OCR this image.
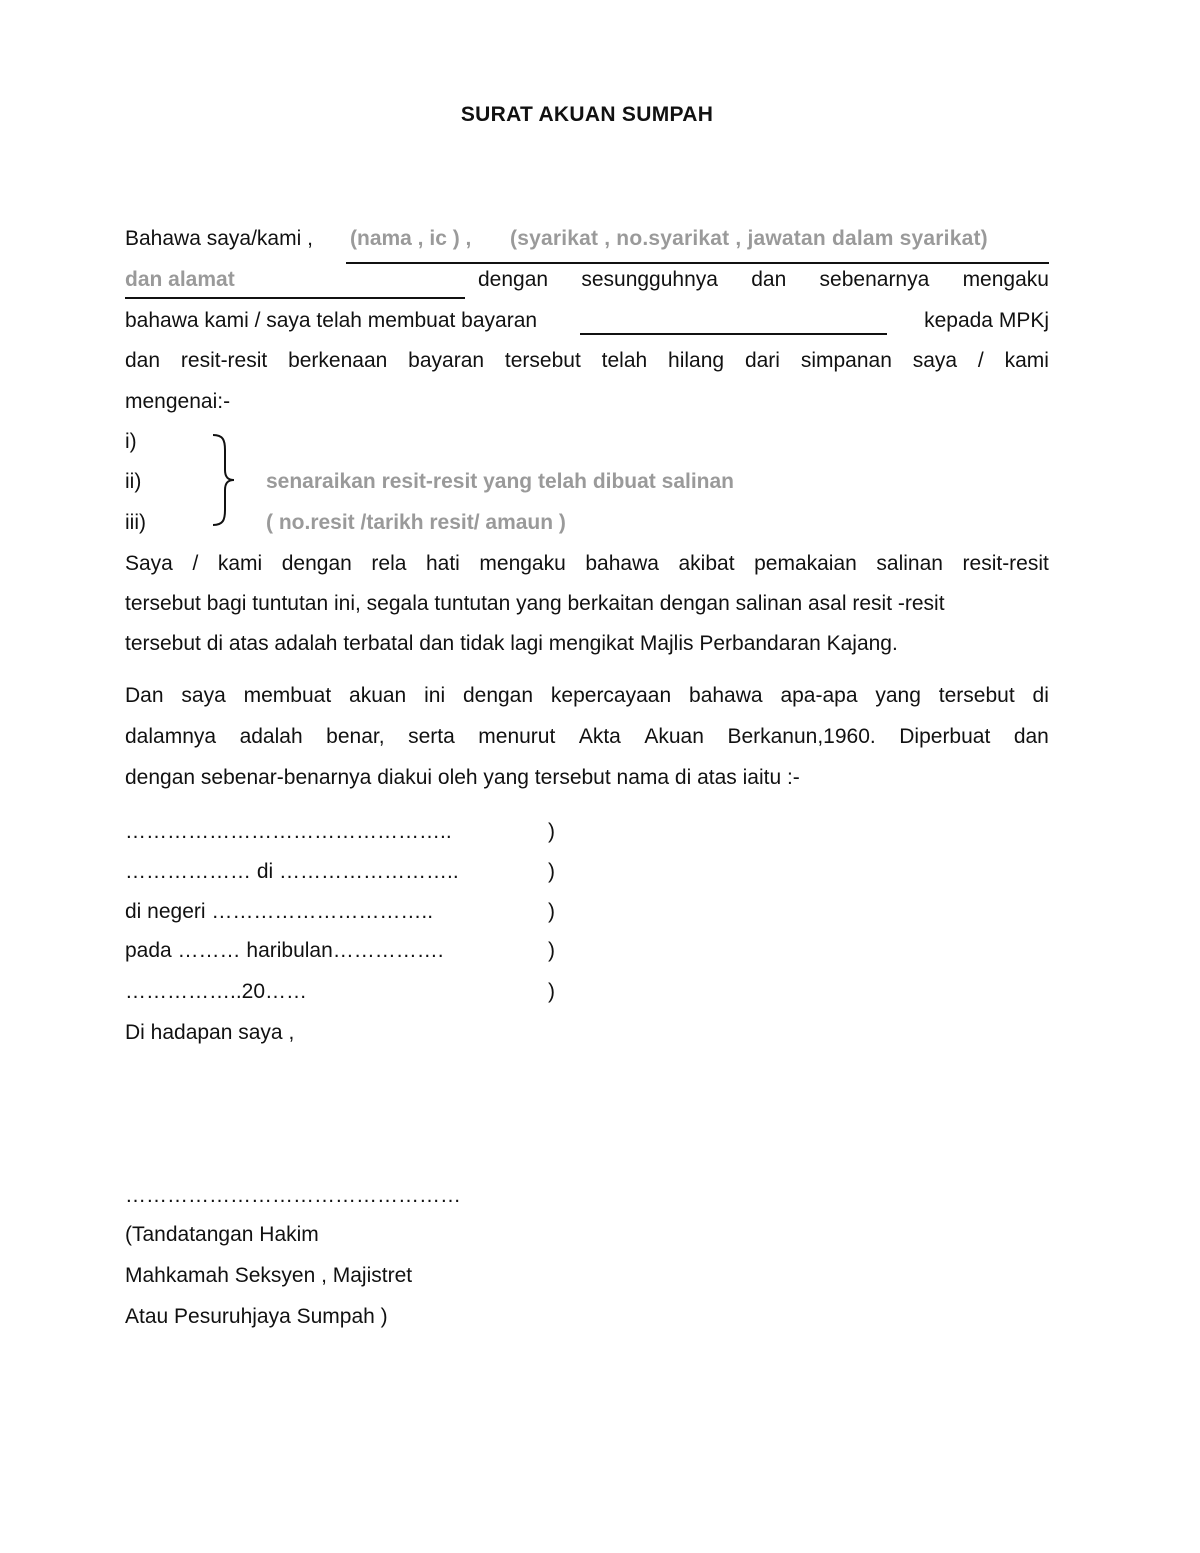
SURAT AKUAN SUMPAH
Bahawa saya/kami , (nama , ic ) , (syarikat , no.syarikat , jawatan dalam syarikat)
dan alamat	dengan sesungguhnya dan sebenarnya mengaku
bahawa kami / saya telah membuat bayaran	kepada MPKj
dan resit-resit berkenaan bayaran tersebut telah hilang dari simpanan saya / kami
mengenai:-
i)
ii)
iii)
senaraikan resit-resit yang telah dibuat salinan
( no.resit /tarikh resit/ amaun )
Saya / kami dengan rela hati mengaku bahawa akibat pemakaian salinan resit-resit
tersebut bagi tuntutan ini, segala tuntutan yang berkaitan dengan salinan asal resit -resit
tersebut di atas adalah terbatal dan tidak lagi mengikat Majlis Perbandaran Kajang.
Dan saya membuat akuan ini dengan kepercayaan bahawa apa-apa yang tersebut di
dalamnya adalah benar, serta menurut Akta Akuan Berkanun,1960. Diperbuat dan
dengan sebenar-benarnya diakui oleh yang tersebut nama di atas iaitu :-
………………………………………..
……………… di ……………………..
di negeri …………………………..
pada ……… haribulan…………….
……………..20……
)
)
)
)
)
Di hadapan saya ,
…………………………………………
(Tandatangan Hakim
Mahkamah Seksyen , Majistret
Atau Pesuruhjaya Sumpah )
